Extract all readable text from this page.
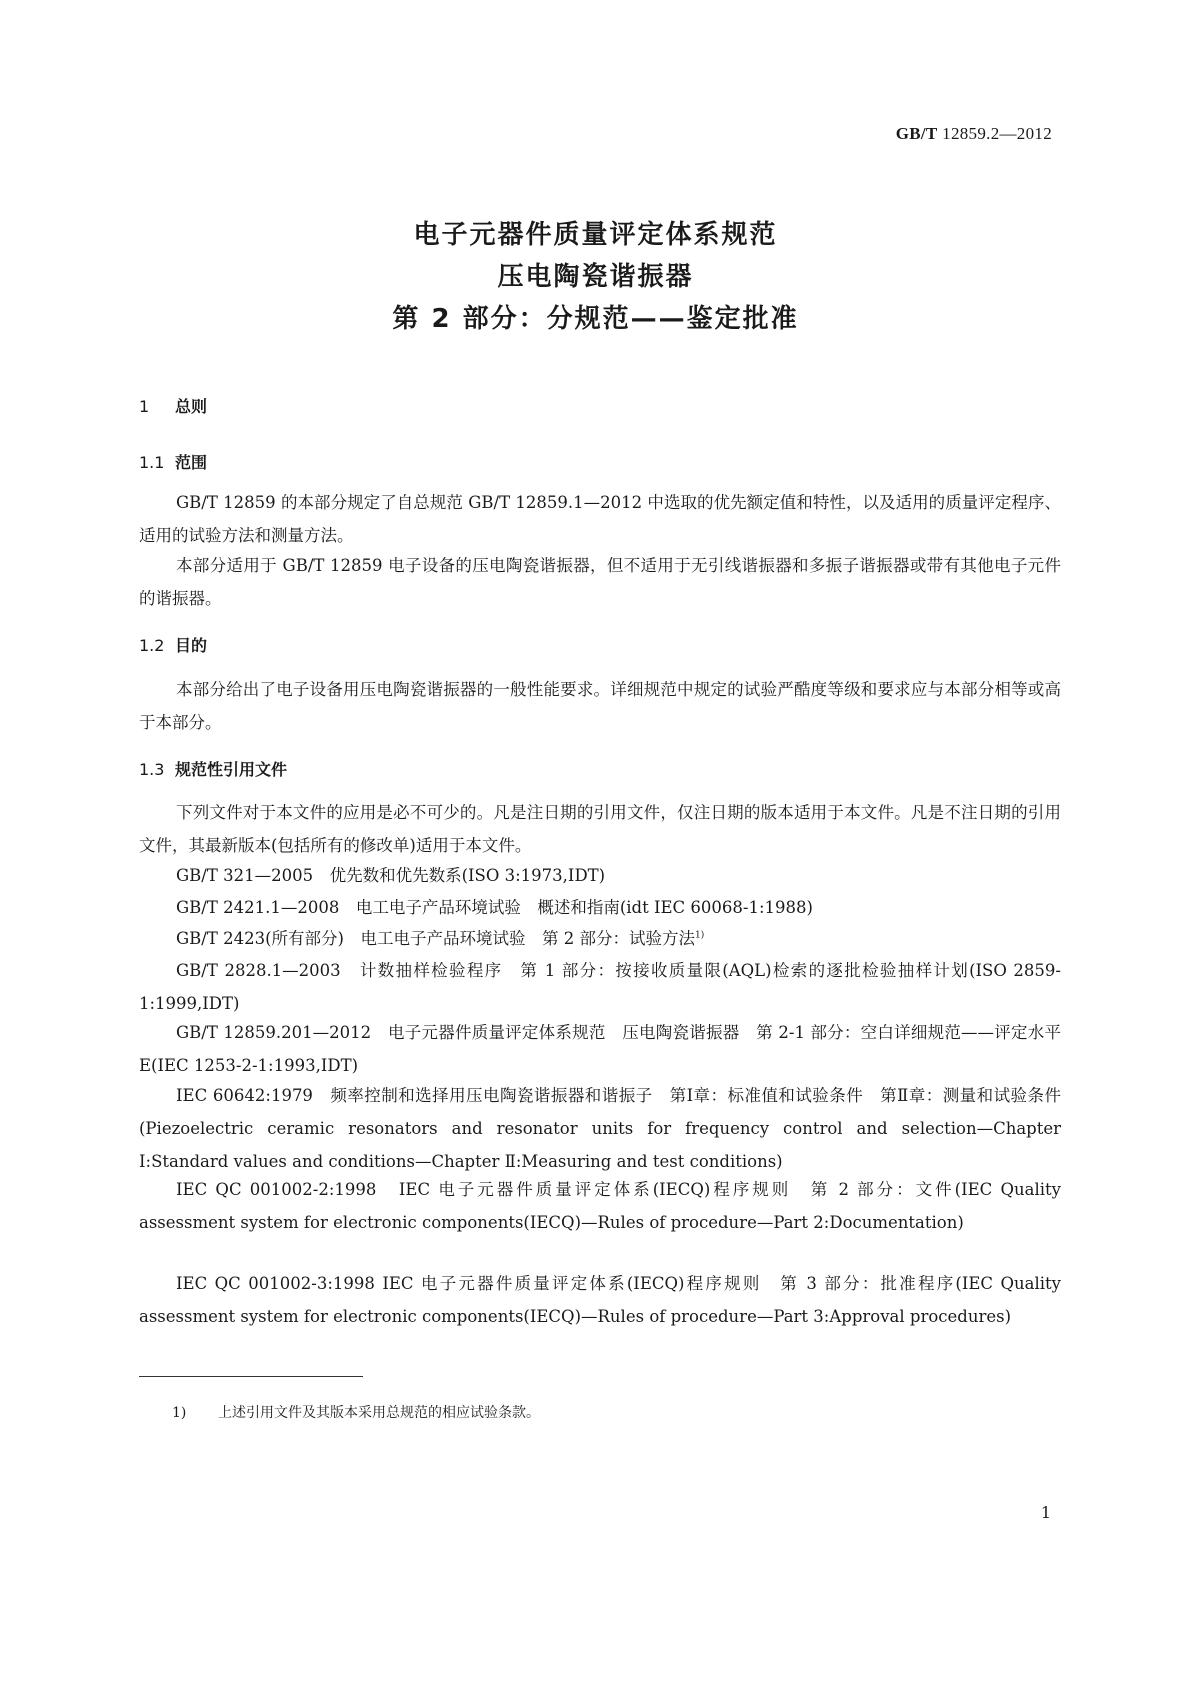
GB/T 12859.2—2012
电子元器件质量评定体系规范
压电陶瓷谐振器
第 2 部分：分规范——鉴定批准
1 总则
1.1 范围
GB/T 12859 的本部分规定了自总规范 GB/T 12859.1—2012 中选取的优先额定值和特性，以及适用的质量评定程序、适用的试验方法和测量方法。
本部分适用于 GB/T 12859 电子设备的压电陶瓷谐振器，但不适用于无引线谐振器和多振子谐振器或带有其他电子元件的谐振器。
1.2 目的
本部分给出了电子设备用压电陶瓷谐振器的一般性能要求。详细规范中规定的试验严酷度等级和要求应与本部分相等或高于本部分。
1.3 规范性引用文件
下列文件对于本文件的应用是必不可少的。凡是注日期的引用文件，仅注日期的版本适用于本文件。凡是不注日期的引用文件，其最新版本(包括所有的修改单)适用于本文件。
GB/T 321—2005　优先数和优先数系(ISO 3:1973,IDT)
GB/T 2421.1—2008　电工电子产品环境试验　概述和指南(idt IEC 60068-1:1988)
GB/T 2423(所有部分)　电工电子产品环境试验　第 2 部分：试验方法$^{1)}$
GB/T 2828.1—2003　计数抽样检验程序　第 1 部分：按接收质量限(AQL)检索的逐批检验抽样计划(ISO 2859-1:1999,IDT)
GB/T 12859.201—2012　电子元器件质量评定体系规范　压电陶瓷谐振器　第 2-1 部分：空白详细规范——评定水平 E(IEC 1253-2-1:1993,IDT)
IEC 60642:1979　频率控制和选择用压电陶瓷谐振器和谐振子　第Ⅰ章：标准值和试验条件　第Ⅱ章：测量和试验条件(Piezoelectric ceramic resonators and resonator units for frequency control and selection—Chapter Ⅰ:Standard values and conditions—Chapter Ⅱ:Measuring and test conditions)
IEC QC 001002-2:1998　IEC 电子元器件质量评定体系(IECQ)程序规则　第 2 部分：文件(IEC Quality assessment system for electronic components(IECQ)—Rules of procedure—Part 2:Documentation)
IEC QC 001002-3:1998 IEC 电子元器件质量评定体系(IECQ)程序规则　第 3 部分：批准程序(IEC Quality assessment system for electronic components(IECQ)—Rules of procedure—Part 3:Approval procedures)
1) 上述引用文件及其版本采用总规范的相应试验条款。
1
